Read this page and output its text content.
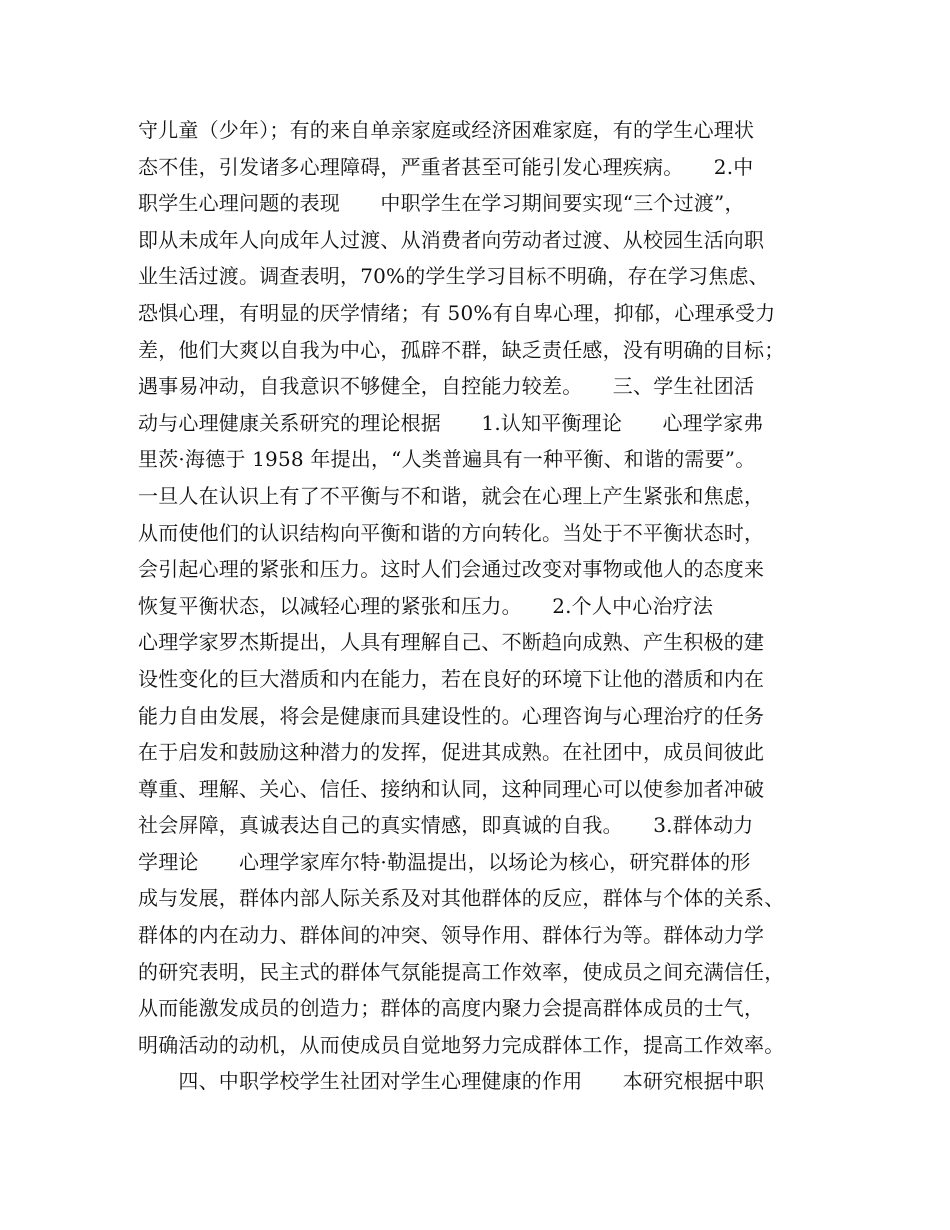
守儿童（少年）；有的来自单亲家庭或经济困难家庭，有的学生心理状
态不佳，引发诸多心理障碍，严重者甚至可能引发心理疾病。　　2.中
职学生心理问题的表现　　中职学生在学习期间要实现“三个过渡”，
即从未成年人向成年人过渡、从消费者向劳动者过渡、从校园生活向职
业生活过渡。调查表明，70%的学生学习目标不明确，存在学习焦虑、
恐惧心理，有明显的厌学情绪；有 50%有自卑心理，抑郁，心理承受力
差，他们大爽以自我为中心，孤辟不群，缺乏责任感，没有明确的目标；
遇事易冲动，自我意识不够健全，自控能力较差。　　三、学生社团活
动与心理健康关系研究的理论根据　　1.认知平衡理论　　心理学家弗
里茨·海德于 1958 年提出，“人类普遍具有一种平衡、和谐的需要”。
一旦人在认识上有了不平衡与不和谐，就会在心理上产生紧张和焦虑，
从而使他们的认识结构向平衡和谐的方向转化。当处于不平衡状态时，
会引起心理的紧张和压力。这时人们会通过改变对事物或他人的态度来
恢复平衡状态，以减轻心理的紧张和压力。　　2.个人中心治疗法
心理学家罗杰斯提出，人具有理解自己、不断趋向成熟、产生积极的建
设性变化的巨大潜质和内在能力，若在良好的环境下让他的潜质和内在
能力自由发展，将会是健康而具建设性的。心理咨询与心理治疗的任务
在于启发和鼓励这种潜力的发挥，促进其成熟。在社团中，成员间彼此
尊重、理解、关心、信任、接纳和认同，这种同理心可以使参加者冲破
社会屏障，真诚表达自己的真实情感，即真诚的自我。　　3.群体动力
学理论　　心理学家库尔特·勒温提出，以场论为核心，研究群体的形
成与发展，群体内部人际关系及对其他群体的反应，群体与个体的关系、
群体的内在动力、群体间的冲突、领导作用、群体行为等。群体动力学
的研究表明，民主式的群体气氛能提高工作效率，使成员之间充满信任，
从而能激发成员的创造力；群体的高度内聚力会提高群体成员的士气，
明确活动的动机，从而使成员自觉地努力完成群体工作，提高工作效率。
　　四、中职学校学生社团对学生心理健康的作用　　本研究根据中职
